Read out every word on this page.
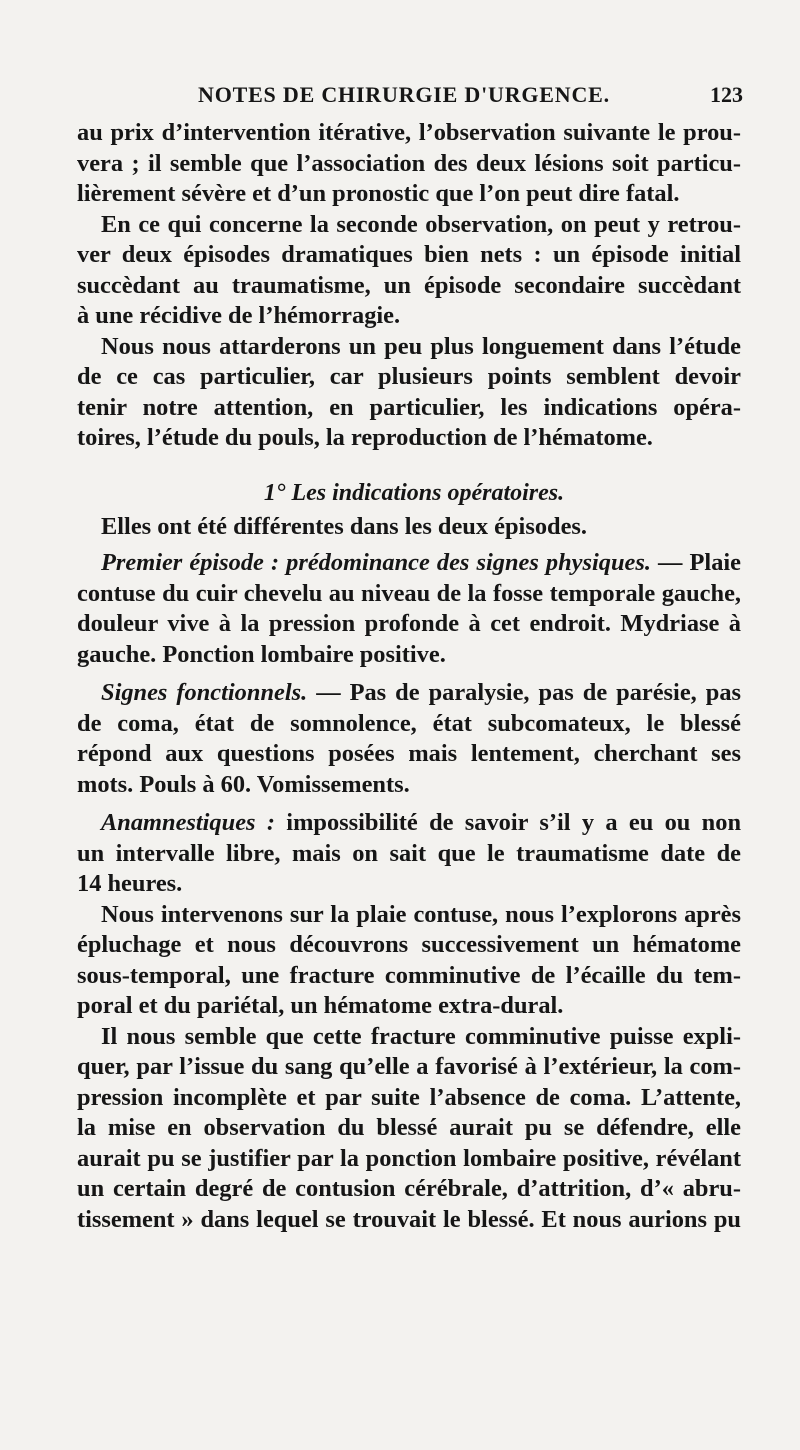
NOTES DE CHIRURGIE D'URGENCE.	123
au prix d’intervention itérative, l’observation suivante le prou-
vera ; il semble que l’association des deux lésions soit particu-
lièrement sévère et d’un pronostic que l’on peut dire fatal.
En ce qui concerne la seconde observation, on peut y retrou-
ver deux épisodes dramatiques bien nets : un épisode initial
succèdant au traumatisme, un épisode secondaire succèdant
à une récidive de l’hémorragie.
Nous nous attarderons un peu plus longuement dans l’étude
de ce cas particulier, car plusieurs points semblent devoir
tenir notre attention, en particulier, les indications opéra-
toires, l’étude du pouls, la reproduction de l’hématome.
1° Les indications opératoires.
Elles ont été différentes dans les deux épisodes.
Premier épisode : prédominance des signes physiques. — Plaie
contuse du cuir chevelu au niveau de la fosse temporale gauche,
douleur vive à la pression profonde à cet endroit. Mydriase à
gauche. Ponction lombaire positive.
Signes fonctionnels. — Pas de paralysie, pas de parésie, pas
de coma, état de somnolence, état subcomateux, le blessé
répond aux questions posées mais lentement, cherchant ses
mots. Pouls à 60. Vomissements.
Anamnestiques : impossibilité de savoir s’il y a eu ou non
un intervalle libre, mais on sait que le traumatisme date de
14 heures.
Nous intervenons sur la plaie contuse, nous l’explorons après
épluchage et nous découvrons successivement un hématome
sous-temporal, une fracture comminutive de l’écaille du tem-
poral et du pariétal, un hématome extra-dural.
Il nous semble que cette fracture comminutive puisse expli-
quer, par l’issue du sang qu’elle a favorisé à l’extérieur, la com-
pression incomplète et par suite l’absence de coma. L’attente,
la mise en observation du blessé aurait pu se défendre, elle
aurait pu se justifier par la ponction lombaire positive, révélant
un certain degré de contusion cérébrale, d’attrition, d’« abru-
tissement » dans lequel se trouvait le blessé. Et nous aurions pu
